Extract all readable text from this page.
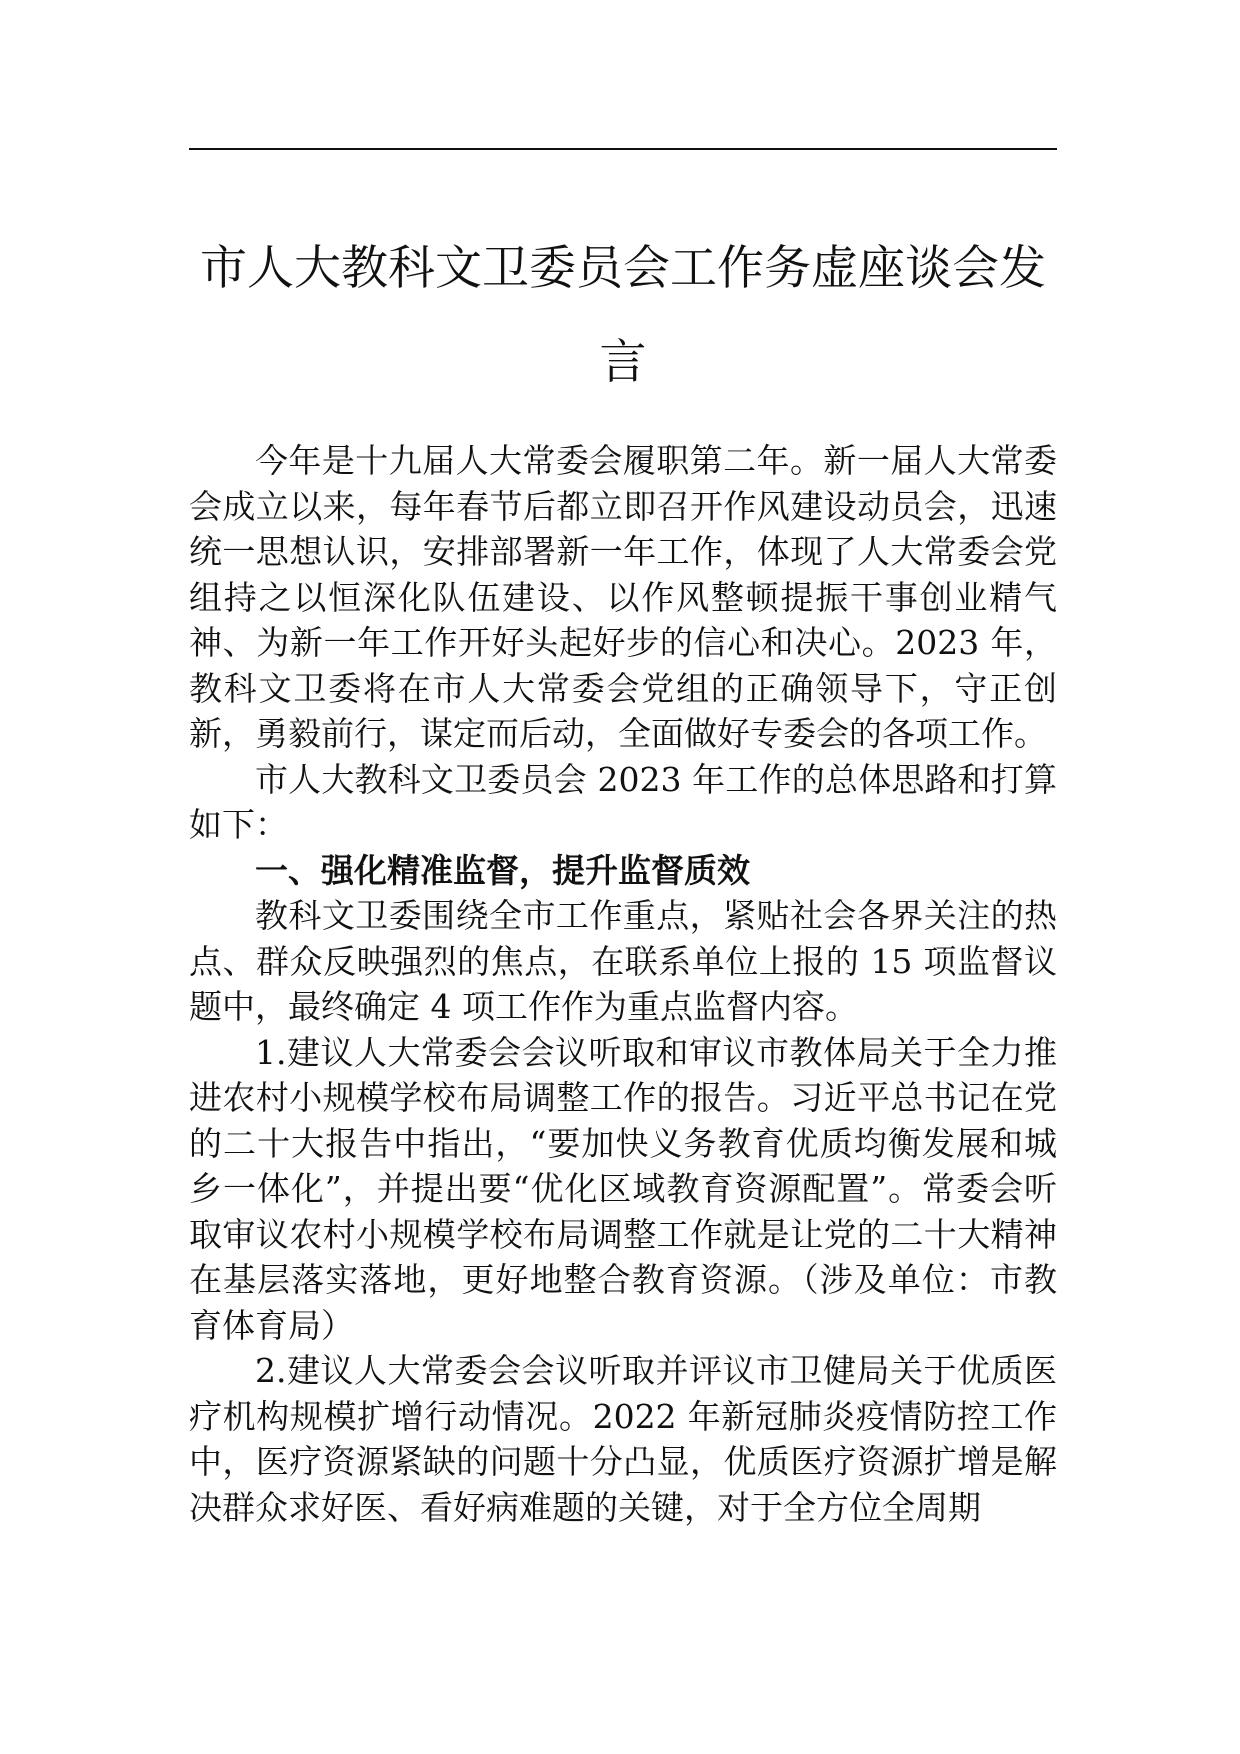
市人大教科文卫委员会工作务虚座谈会发言

今年是十九届人大常委会履职第二年。新一届人大常委会成立以来，每年春节后都立即召开作风建设动员会，迅速统一思想认识，安排部署新一年工作，体现了人大常委会党组持之以恒深化队伍建设、以作风整顿提振干事创业精气神、为新一年工作开好头起好步的信心和决心。2023 年，教科文卫委将在市人大常委会党组的正确领导下，守正创新，勇毅前行，谋定而后动，全面做好专委会的各项工作。

市人大教科文卫委员会 2023 年工作的总体思路和打算如下：

一、强化精准监督，提升监督质效

教科文卫委围绕全市工作重点，紧贴社会各界关注的热点、群众反映强烈的焦点，在联系单位上报的 15 项监督议题中，最终确定 4 项工作作为重点监督内容。

1.建议人大常委会会议听取和审议市教体局关于全力推进农村小规模学校布局调整工作的报告。习近平总书记在党的二十大报告中指出，“要加快义务教育优质均衡发展和城乡一体化”，并提出要“优化区域教育资源配置”。常委会听取审议农村小规模学校布局调整工作就是让党的二十大精神在基层落实落地，更好地整合教育资源。（涉及单位：市教育体育局）

2.建议人大常委会会议听取并评议市卫健局关于优质医疗机构规模扩增行动情况。2022 年新冠肺炎疫情防控工作中，医疗资源紧缺的问题十分凸显，优质医疗资源扩增是解决群众求好医、看好病难题的关键，对于全方位全周期
